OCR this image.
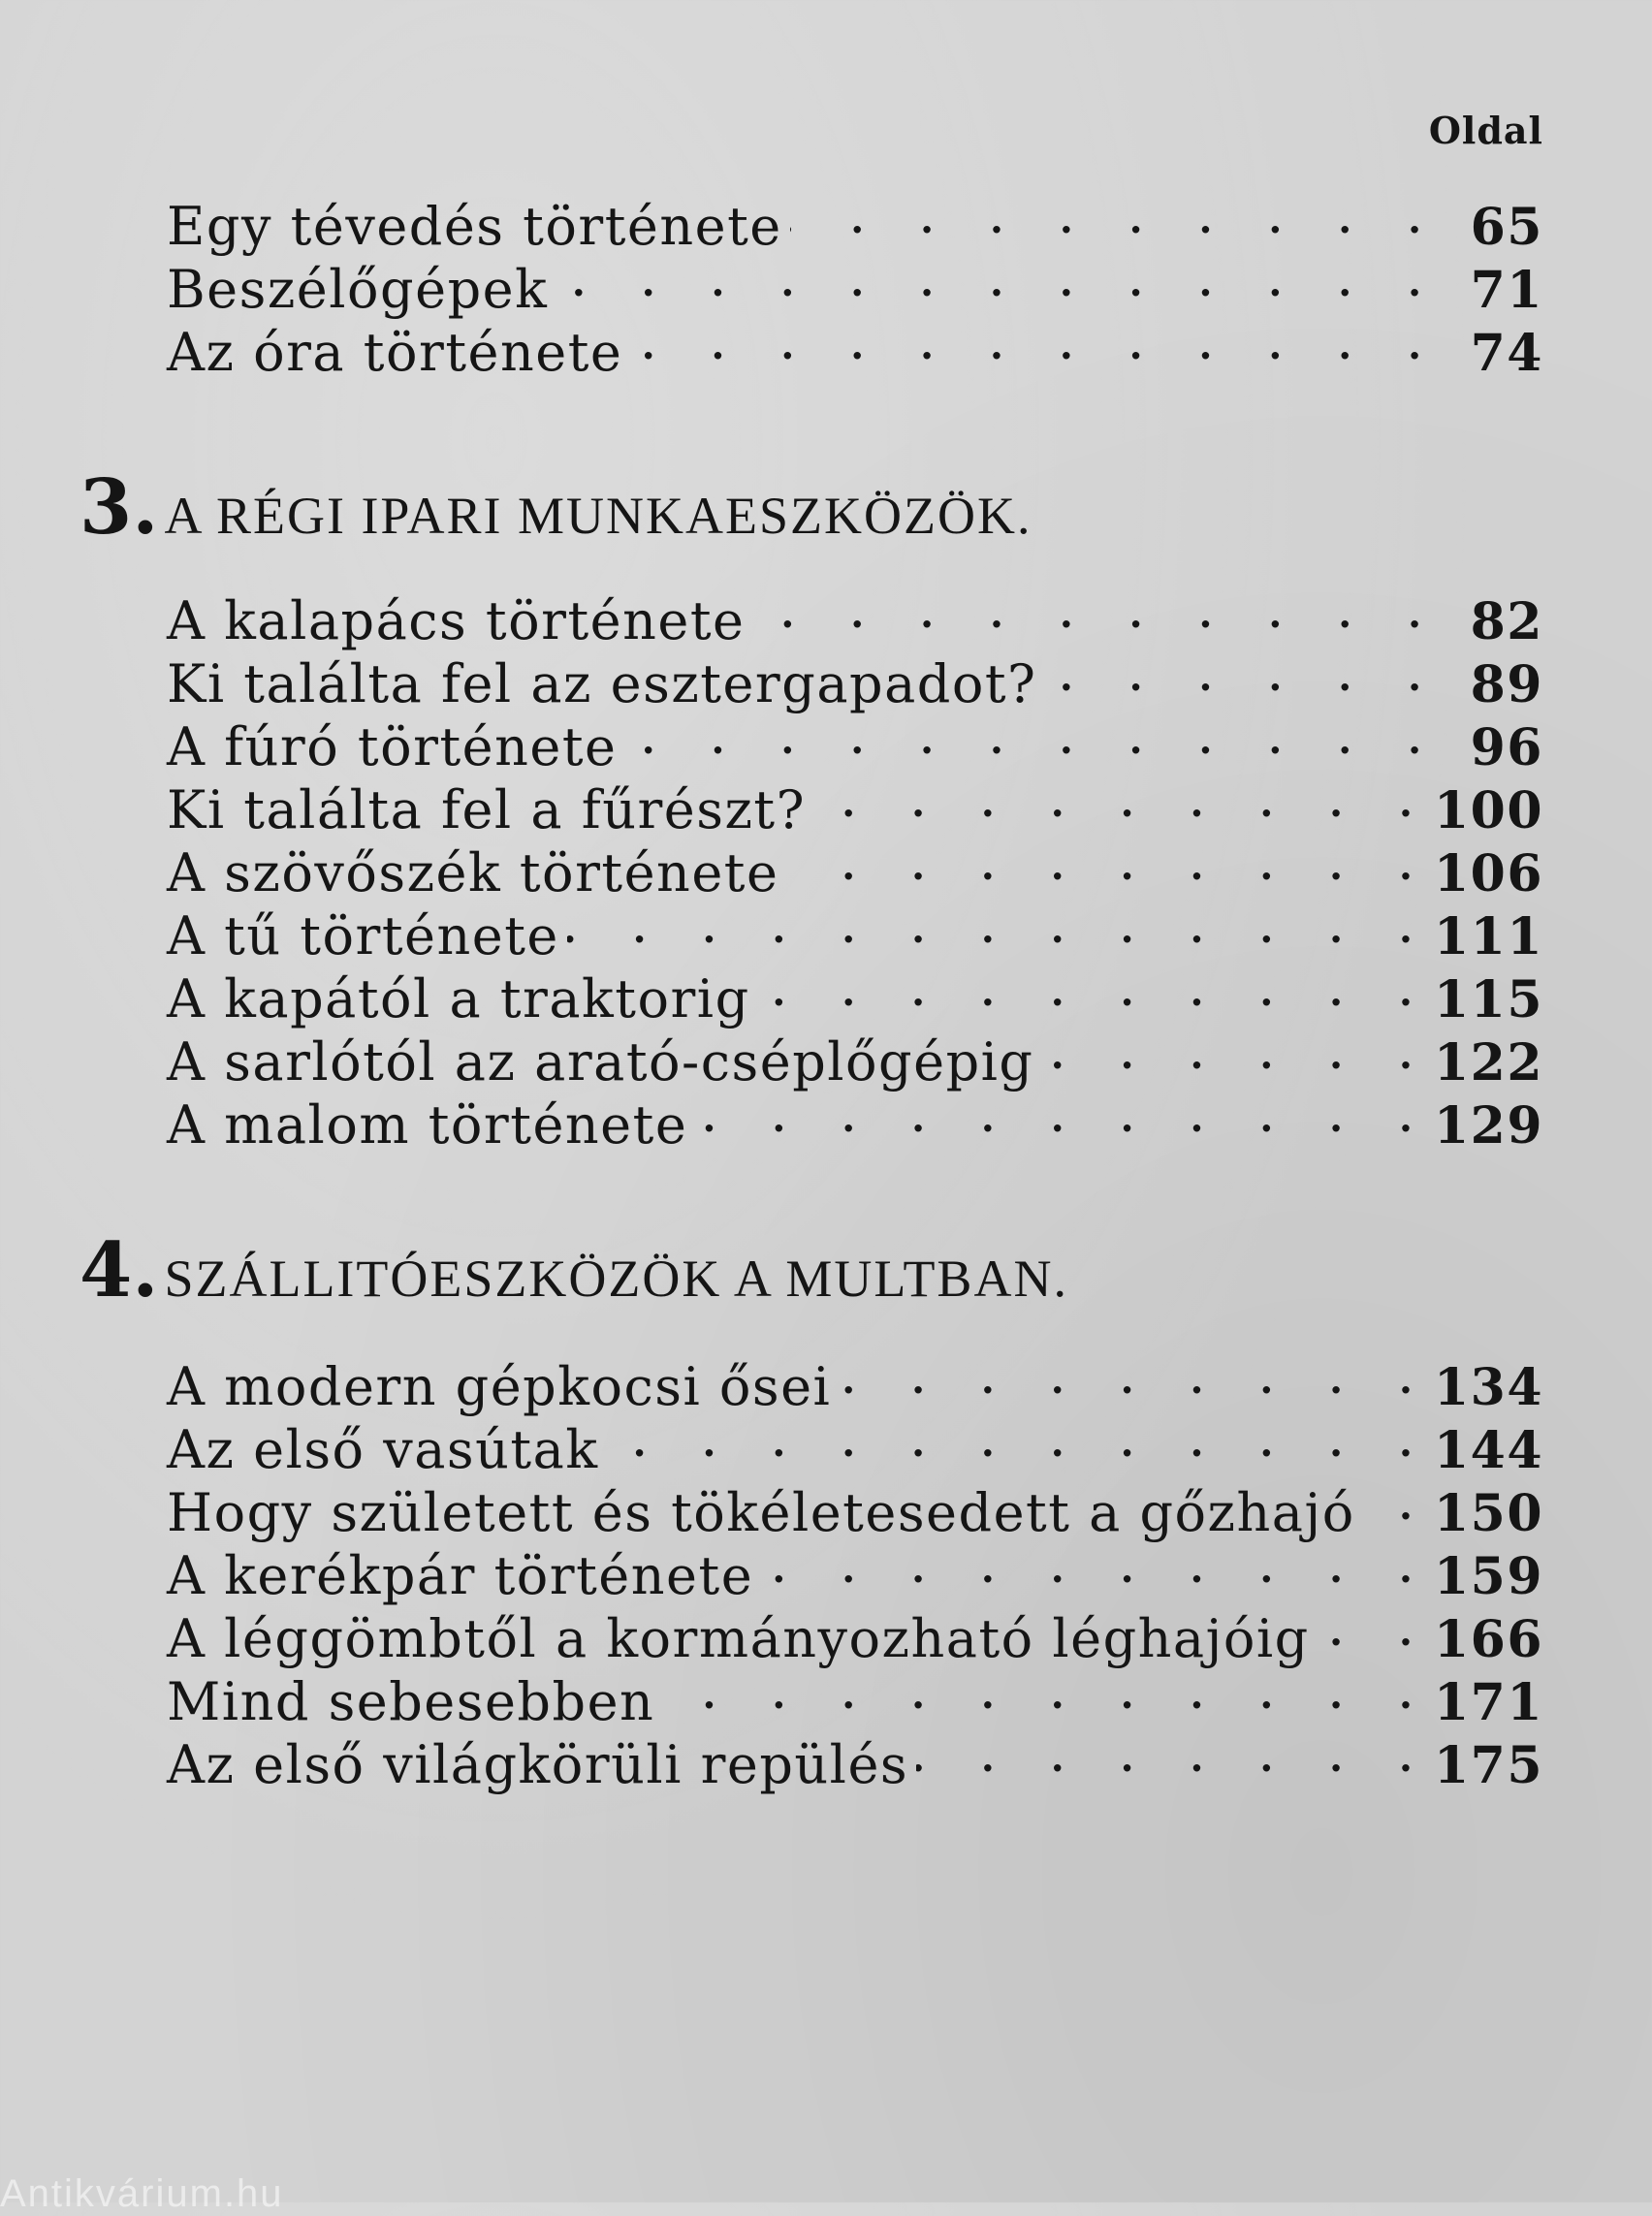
Oldal
Egy tévedés története . . .	65
Beszélőgépek . . .	71
Az óra története . . .	74
3. A RÉGI IPARI MUNKAESZKÖZÖK.
A kalapács története . . .	82
Ki találta fel az esztergapadot? . . .	89
A fúró története . . .	96
Ki találta fel a fűrészt? . . .	100
A szövőszék története . . .	106
A tű története . . .	111
A kapától a traktorig . . .	115
A sarlótól az arató-cséplőgépig . . .	122
A malom története . . .	129
4. SZÁLLITÓESZKÖZÖK A MULTBAN.
A modern gépkocsi ősei . . .	134
Az első vasútak . . .	144
Hogy született és tökéletesedett a gőzhajó . . . 150
A kerékpár története . . .	159
A léggömbtől a kormányozható léghajóig . . . 166
Mind sebesebben . . .	171
Az első világkörüli repülés . . .	175
Antikvárium.hu
